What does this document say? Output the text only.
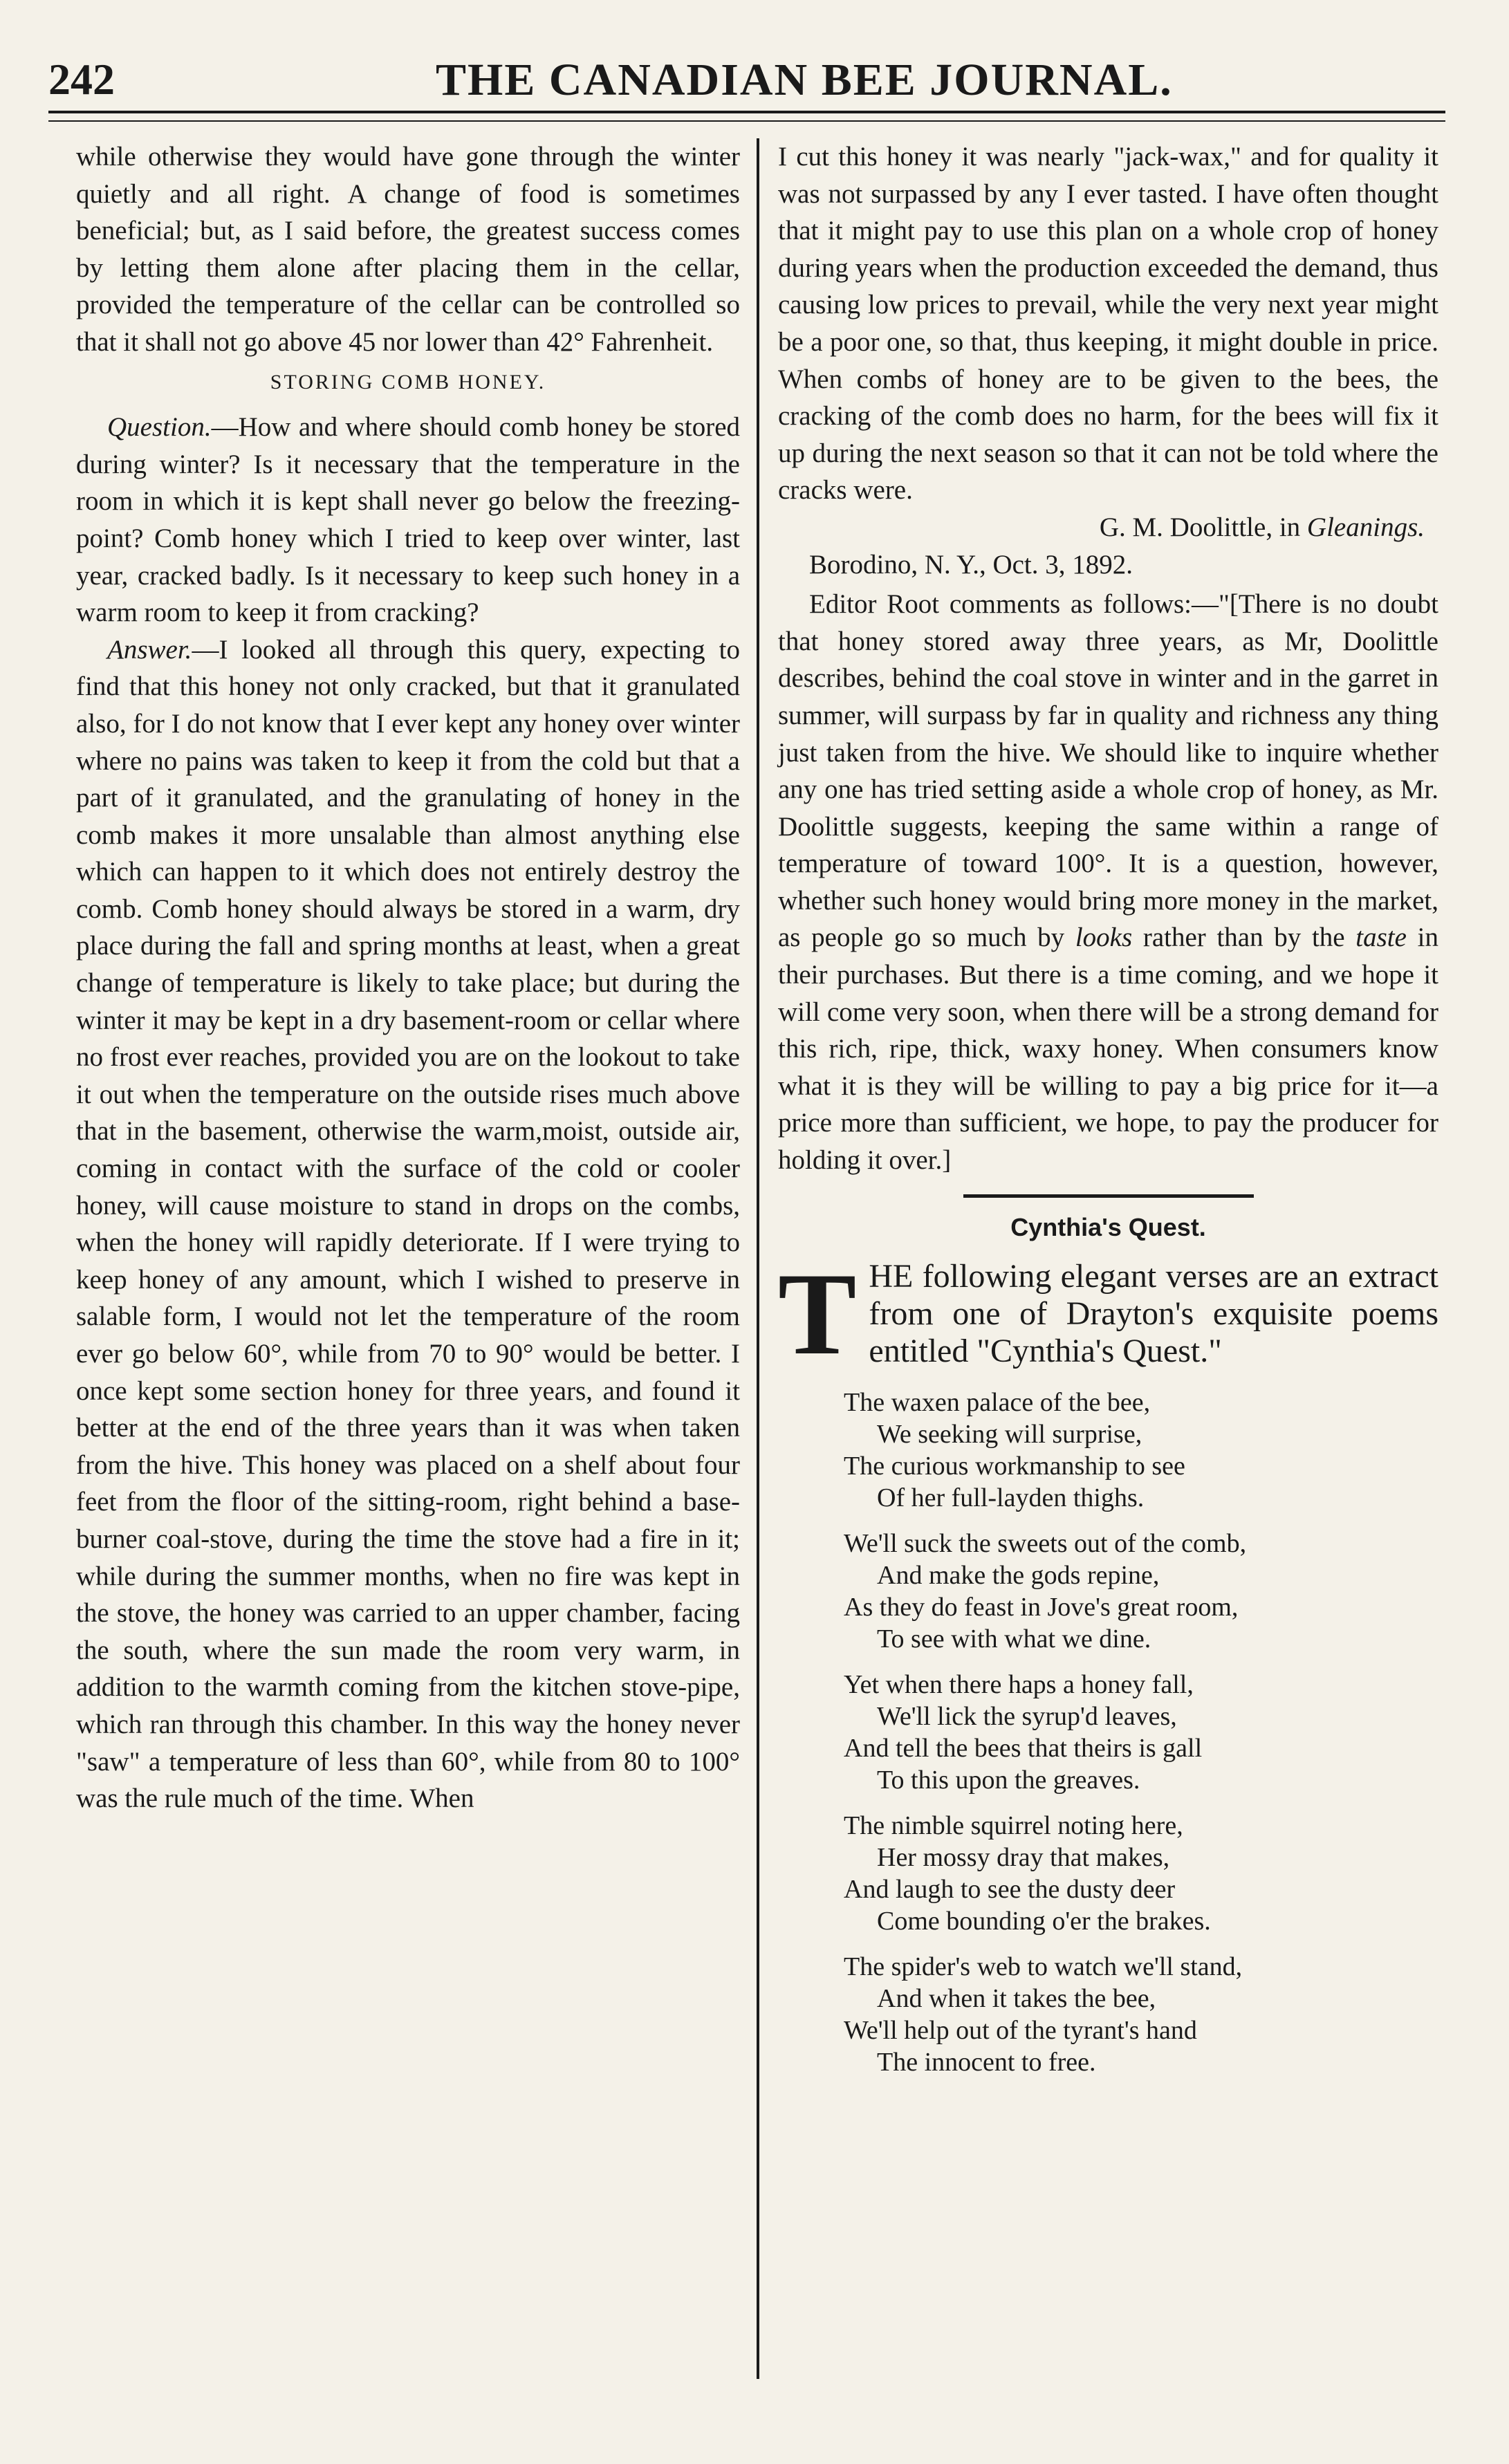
242	THE CANADIAN BEE JOURNAL.

while otherwise they would have gone through the winter quietly and all right. A change of food is sometimes beneficial; but, as I said before, the greatest success comes by letting them alone after placing them in the cellar, provided the temperature of the cellar can be controlled so that it shall not go above 45 nor lower than 42° Fahrenheit.

STORING COMB HONEY.

Question.—How and where should comb honey be stored during winter? Is it necessary that the temperature in the room in which it is kept shall never go below the freezing-point? Comb honey which I tried to keep over winter, last year, cracked badly. Is it necessary to keep such honey in a warm room to keep it from cracking?

Answer.—I looked all through this query, expecting to find that this honey not only cracked, but that it granulated also, for I do not know that I ever kept any honey over winter where no pains was taken to keep it from the cold but that a part of it granulated, and the granulating of honey in the comb makes it more unsalable than almost anything else which can happen to it which does not entirely destroy the comb. Comb honey should always be stored in a warm, dry place during the fall and spring months at least, when a great change of temperature is likely to take place; but during the winter it may be kept in a dry basement-room or cellar where no frost ever reaches, provided you are on the lookout to take it out when the temperature on the outside rises much above that in the basement, otherwise the warm,moist, outside air, coming in contact with the surface of the cold or cooler honey, will cause moisture to stand in drops on the combs, when the honey will rapidly deteriorate. If I were trying to keep honey of any amount, which I wished to preserve in salable form, I would not let the temperature of the room ever go below 60°, while from 70 to 90° would be better. I once kept some section honey for three years, and found it better at the end of the three years than it was when taken from the hive. This honey was placed on a shelf about four feet from the floor of the sitting-room, right behind a base-burner coal-stove, during the time the stove had a fire in it; while during the summer months, when no fire was kept in the stove, the honey was carried to an upper chamber, facing the south, where the sun made the room very warm, in addition to the warmth coming from the kitchen stove-pipe, which ran through this chamber. In this way the honey never "saw" a temperature of less than 60°, while from 80 to 100° was the rule much of the time. When

I cut this honey it was nearly "jack-wax," and for quality it was not surpassed by any I ever tasted. I have often thought that it might pay to use this plan on a whole crop of honey during years when the production exceeded the demand, thus causing low prices to prevail, while the very next year might be a poor one, so that, thus keeping, it might double in price. When combs of honey are to be given to the bees, the cracking of the comb does no harm, for the bees will fix it up during the next season so that it can not be told where the cracks were.

G. M. Doolittle, in Gleanings.

Borodino, N. Y., Oct. 3, 1892.

Editor Root comments as follows:—"[There is no doubt that honey stored away three years, as Mr, Doolittle describes, behind the coal stove in winter and in the garret in summer, will surpass by far in quality and richness any thing just taken from the hive. We should like to inquire whether any one has tried setting aside a whole crop of honey, as Mr. Doolittle suggests, keeping the same within a range of temperature of toward 100°. It is a question, however, whether such honey would bring more money in the market, as people go so much by looks rather than by the taste in their purchases. But there is a time coming, and we hope it will come very soon, when there will be a strong demand for this rich, ripe, thick, waxy honey. When consumers know what it is they will be willing to pay a big price for it—a price more than sufficient, we hope, to pay the producer for holding it over.]

Cynthia's Quest.

THE following elegant verses are an extract from one of Drayton's exquisite poems entitled "Cynthia's Quest."

The waxen palace of the bee,
We seeking will surprise,
The curious workmanship to see
Of her full-layden thighs.
We'll suck the sweets out of the comb,
And make the gods repine,
As they do feast in Jove's great room,
To see with what we dine.
Yet when there haps a honey fall,
We'll lick the syrup'd leaves,
And tell the bees that theirs is gall
To this upon the greaves.
The nimble squirrel noting here,
Her mossy dray that makes,
And laugh to see the dusty deer
Come bounding o'er the brakes.
The spider's web to watch we'll stand,
And when it takes the bee,
We'll help out of the tyrant's hand
The innocent to free.
